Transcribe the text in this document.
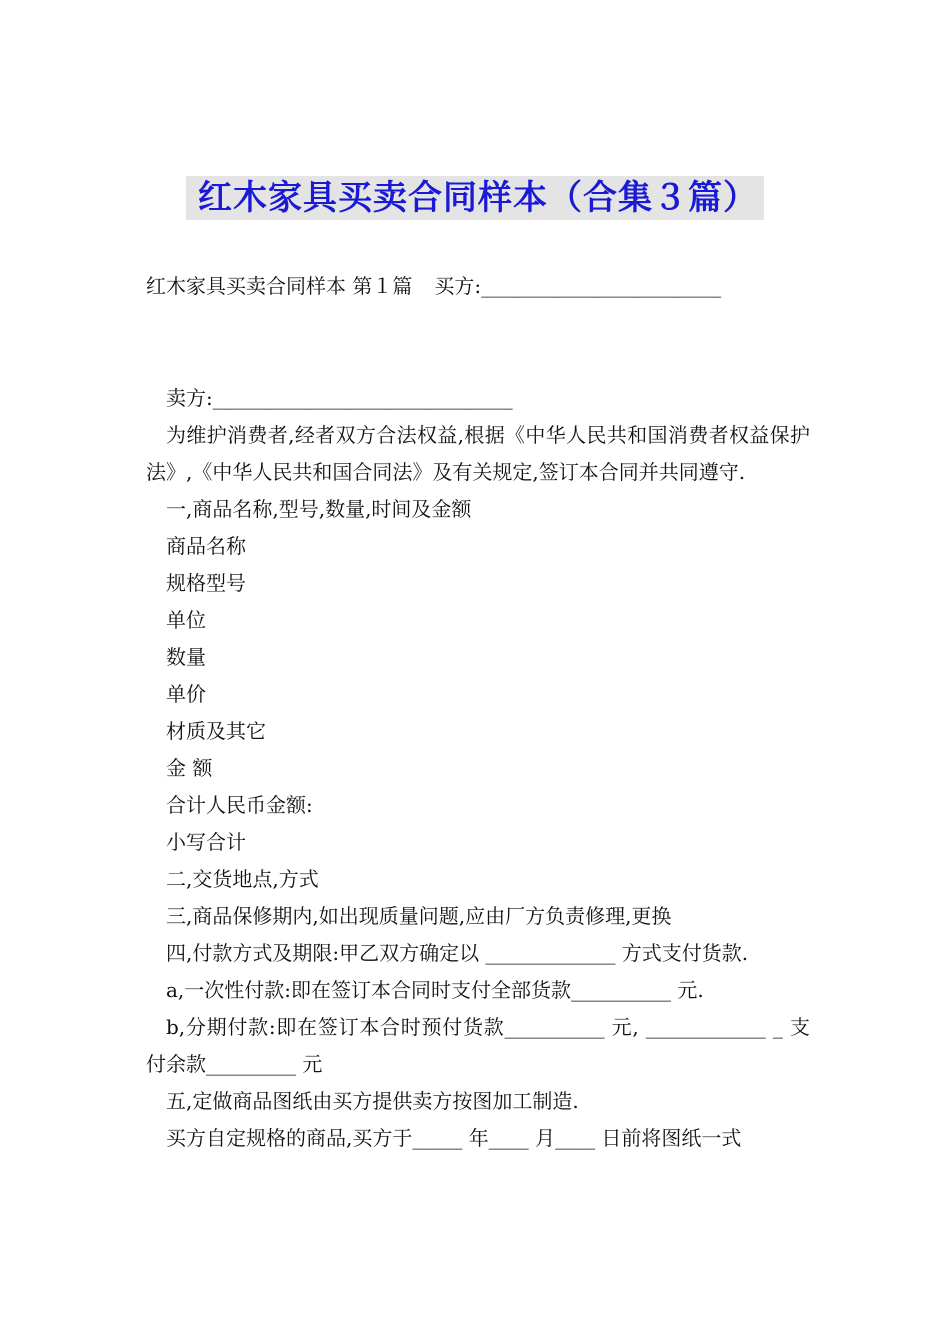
红木家具买卖合同样本（合集３篇）
红木家具买卖合同样本 第１篇 买方:________________________

卖方:______________________________

为维护消费者,经者双方合法权益,根据《中华人民共和国消费者权益保护法》,《中华人民共和国合同法》及有关规定,签订本合同并共同遵守.

一,商品名称,型号,数量,时间及金额

商品名称

规格型号

单位

数量

单价

材质及其它

金 额

合计人民币金额:

小写合计

二,交货地点,方式

三,商品保修期内,如出现质量问题,应由厂方负责修理,更换

四,付款方式及期限:甲乙双方确定以 _____________ 方式支付货款.

a,一次性付款:即在签订本合同时支付全部货款__________ 元.

b,分期付款:即在签订本合时预付货款__________ 元, ____________ _ 支付余款_________ 元

五,定做商品图纸由买方提供卖方按图加工制造.

买方自定规格的商品,买方于_____ 年____ 月____ 日前将图纸一式
